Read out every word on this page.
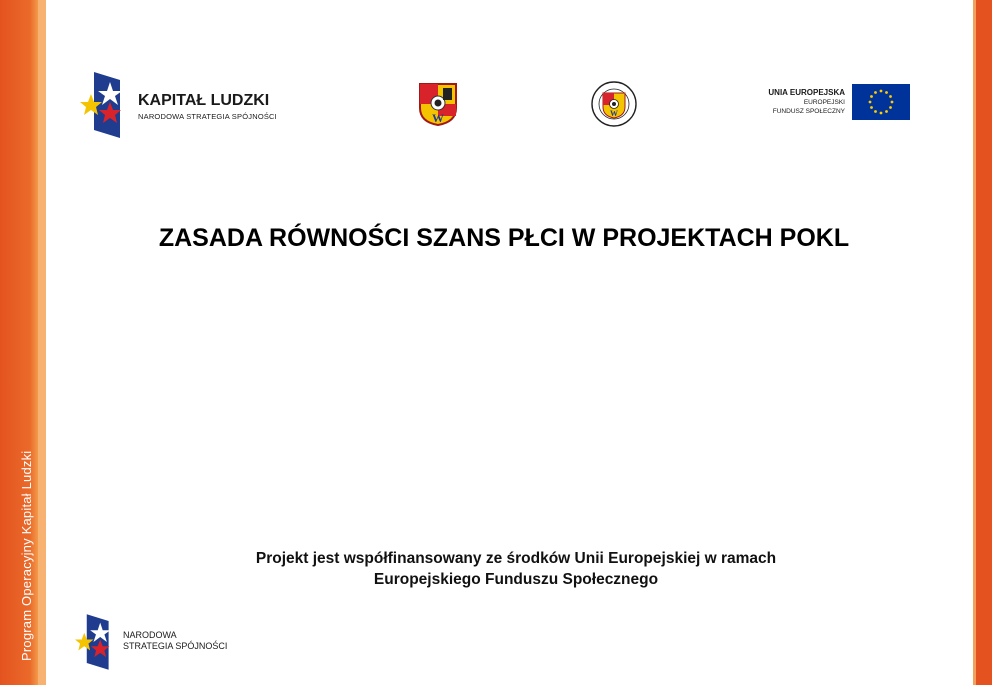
Program Operacyjny Kapitał Ludzki
KAPITAŁ LUDZKI
NARODOWA STRATEGIA SPÓJNOŚCI	W	W
UNIA EUROPEJSKA
EUROPEJSKI
FUNDUSZ SPOŁECZNY
ZASADA RÓWNOŚCI SZANS PŁCI W PROJEKTACH POKL
Projekt jest współfinansowany ze środków Unii Europejskiej w ramach
Europejskiego Funduszu Społecznego
NARODOWA
STRATEGIA SPÓJNOŚCI
